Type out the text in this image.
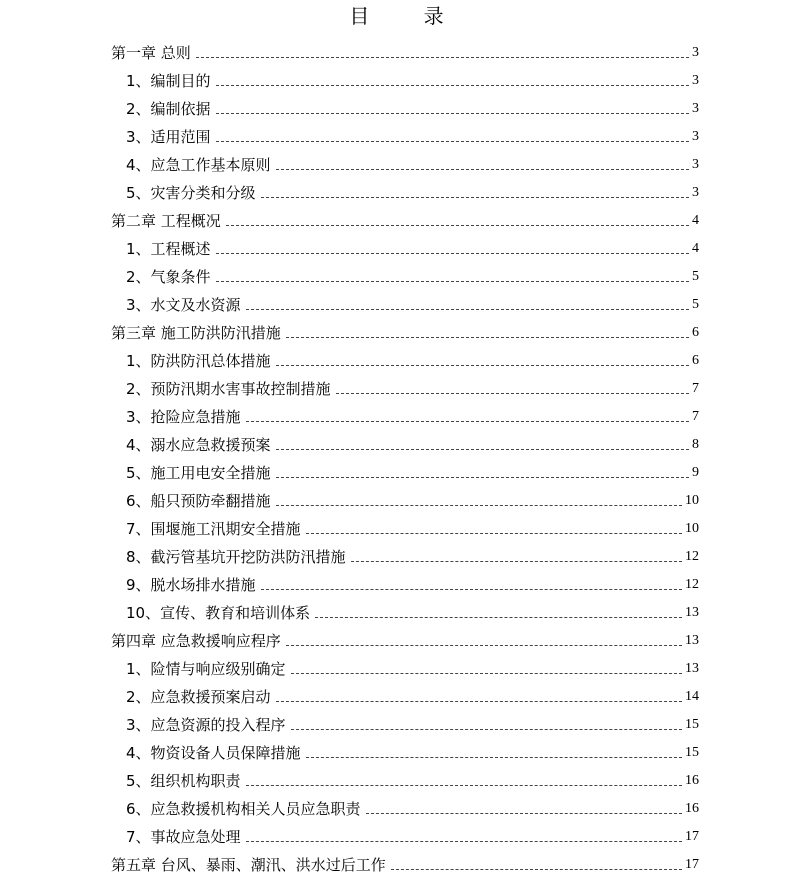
目 录
第一章 总则	3
1、编制目的	3
2、编制依据	3
3、适用范围	3
4、应急工作基本原则	3
5、灾害分类和分级	3
第二章 工程概况	4
1、工程概述	4
2、气象条件	5
3、水文及水资源	5
第三章 施工防洪防汛措施	6
1、防洪防汛总体措施	6
2、预防汛期水害事故控制措施	7
3、抢险应急措施	7
4、溺水应急救援预案	8
5、施工用电安全措施	9
6、船只预防牵翻措施	10
7、围堰施工汛期安全措施	10
8、截污管基坑开挖防洪防汛措施	12
9、脱水场排水措施	12
10、宣传、教育和培训体系	13
第四章 应急救援响应程序	13
1、险情与响应级别确定	13
2、应急救援预案启动	14
3、应急资源的投入程序	15
4、物资设备人员保障措施	15
5、组织机构职责	16
6、应急救援机构相关人员应急职责	16
7、事故应急处理	17
第五章 台风、暴雨、潮汛、洪水过后工作	17
